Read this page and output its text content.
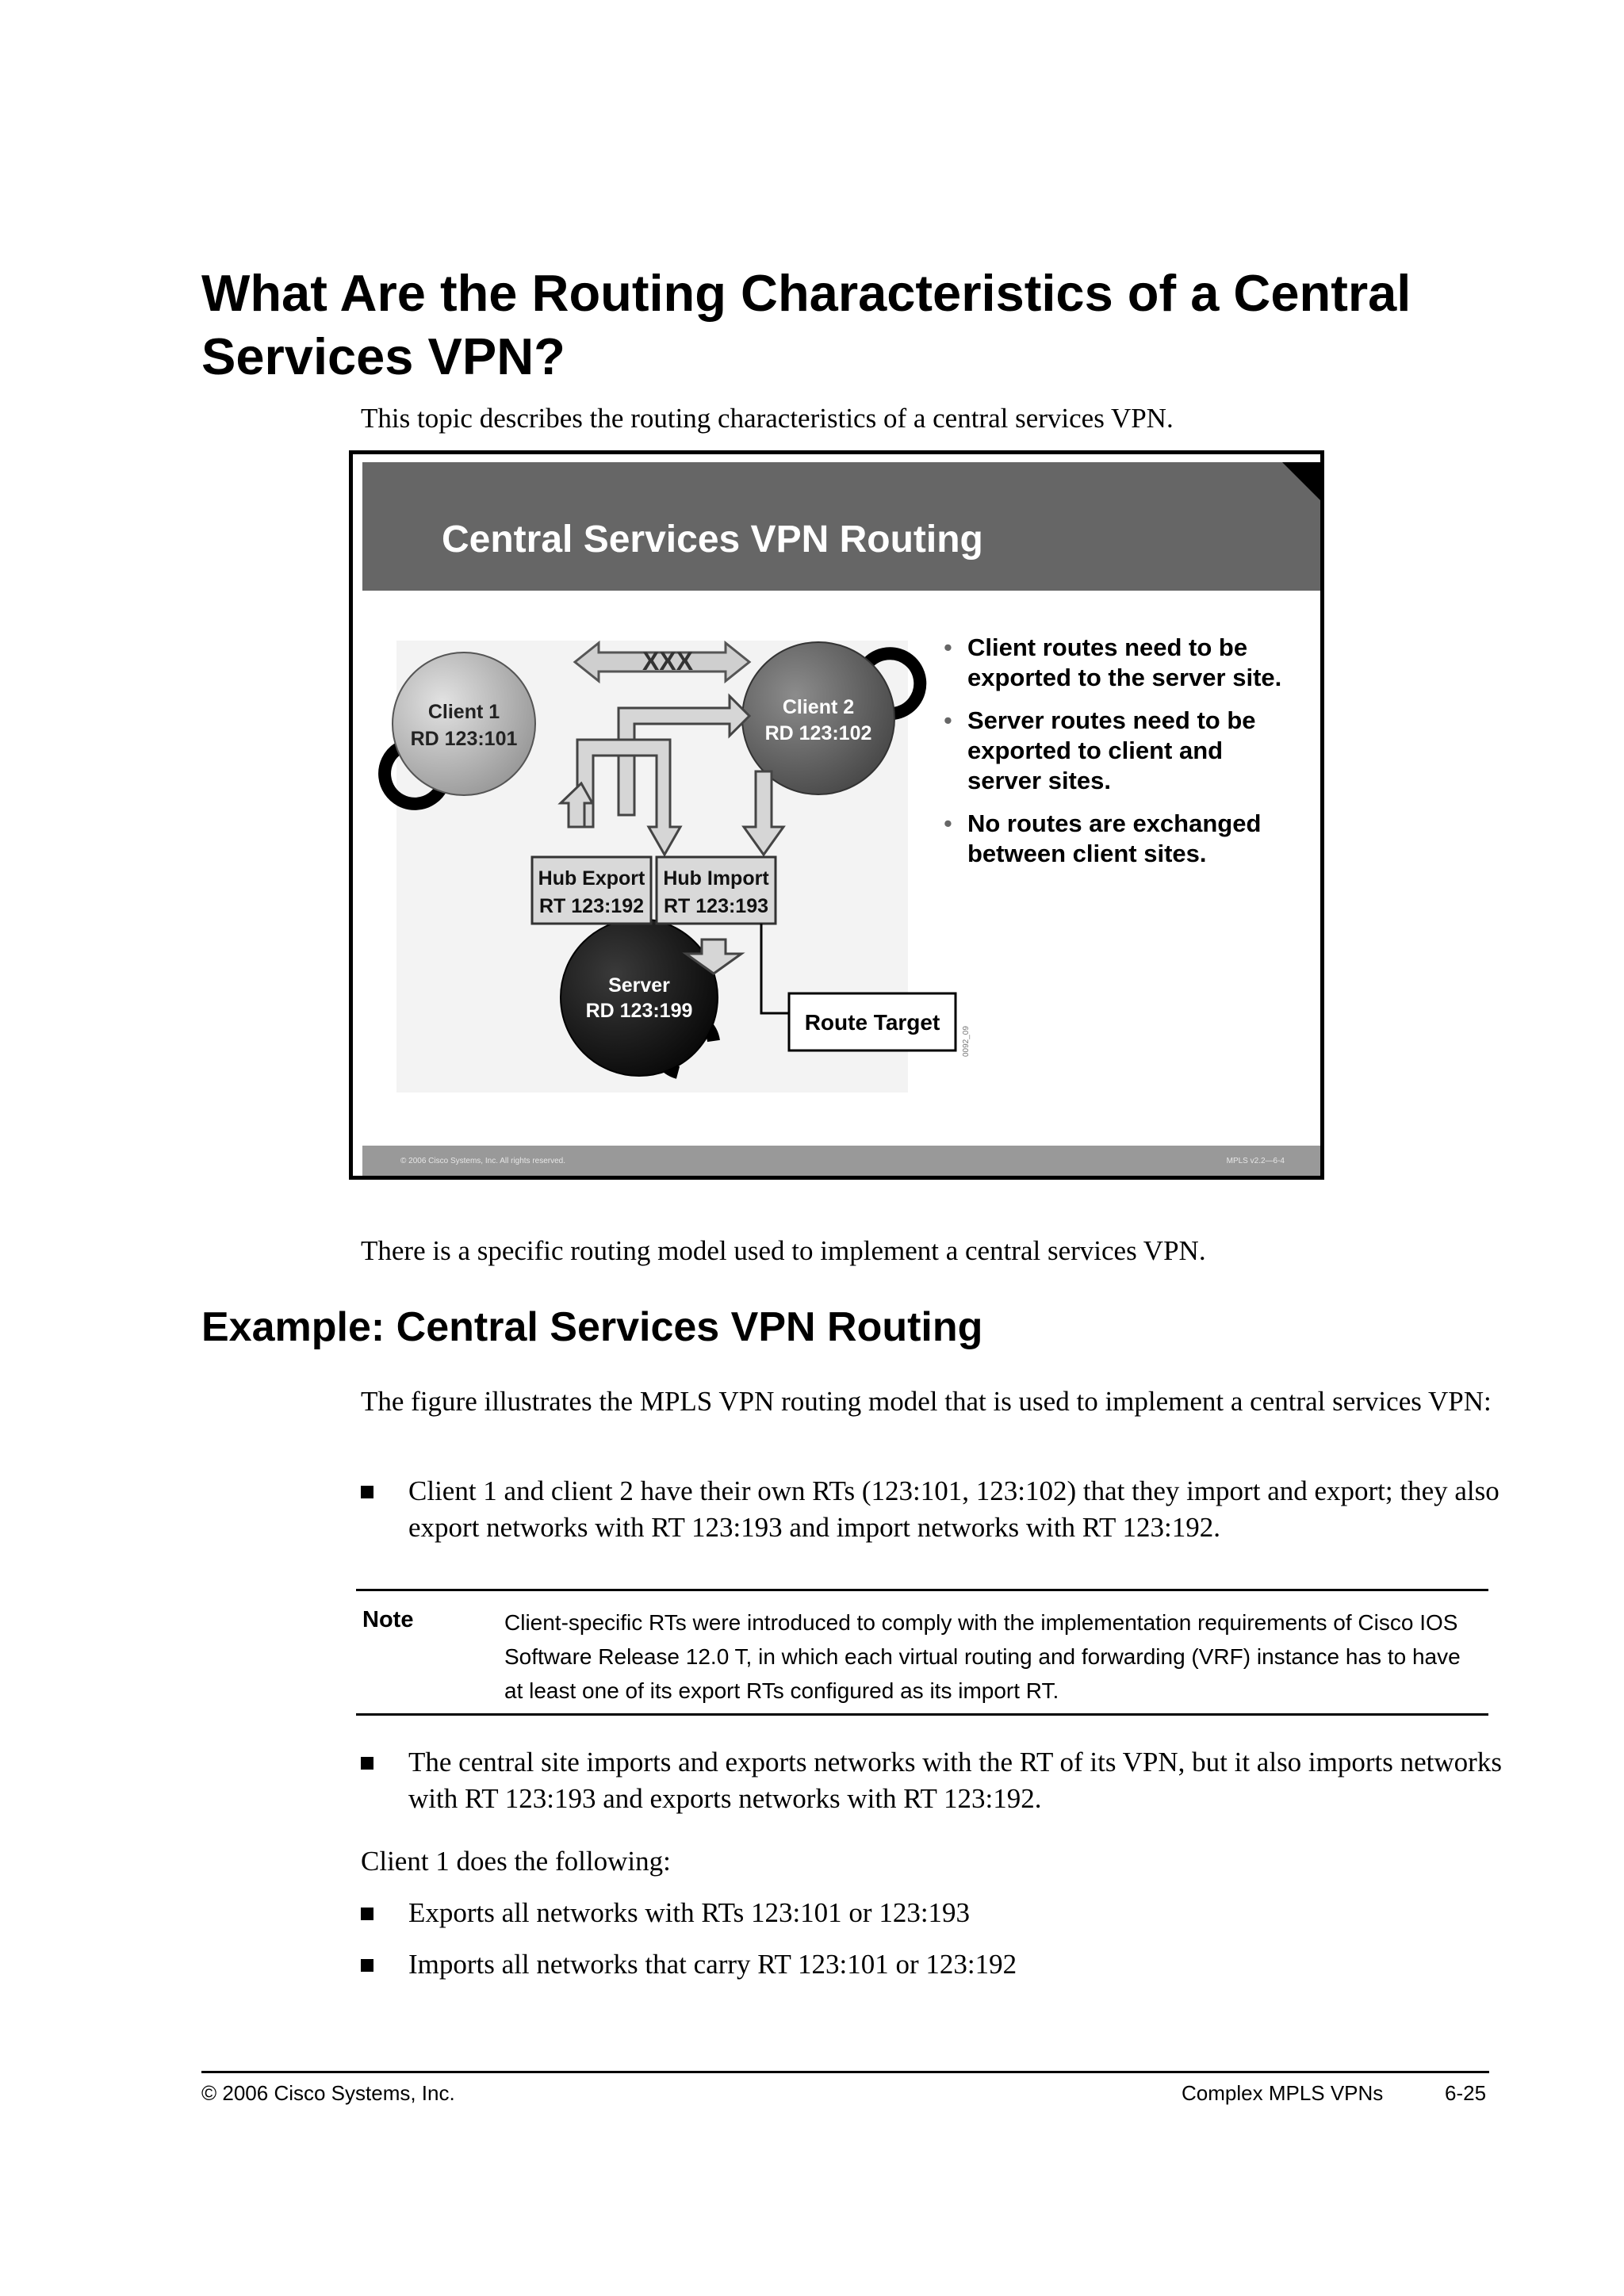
What Are the Routing Characteristics of a Central
Services VPN?

This topic describes the routing characteristics of a central services VPN.

Central Services VPN Routing
XXX
Hub Export
RT 123:192
Hub Import
RT 123:193
Route Target
0092_09
Client 1
RD 123:101
Client 2
RD 123:102
Server
RD 123:199
• Client routes need to be exported to the server site.
• Server routes need to be exported to client and server sites.
• No routes are exchanged between client sites.
© 2006 Cisco Systems, Inc. All rights reserved.	MPLS v2.2—6-4

There is a specific routing model used to implement a central services VPN.

Example: Central Services VPN Routing

The figure illustrates the MPLS VPN routing model that is used to implement a central services VPN:

Client 1 and client 2 have their own RTs (123:101, 123:102) that they import and export; they also export networks with RT 123:193 and import networks with RT 123:192.
Note	Client-specific RTs were introduced to comply with the implementation requirements of Cisco IOS Software Release 12.0 T, in which each virtual routing and forwarding (VRF) instance has to have at least one of its export RTs configured as its import RT.
The central site imports and exports networks with the RT of its VPN, but it also imports networks with RT 123:193 and exports networks with RT 123:192.

Client 1 does the following:

Exports all networks with RTs 123:101 or 123:193
Imports all networks that carry RT 123:101 or 123:192
© 2006 Cisco Systems, Inc.	Complex MPLS VPNs	6-25
